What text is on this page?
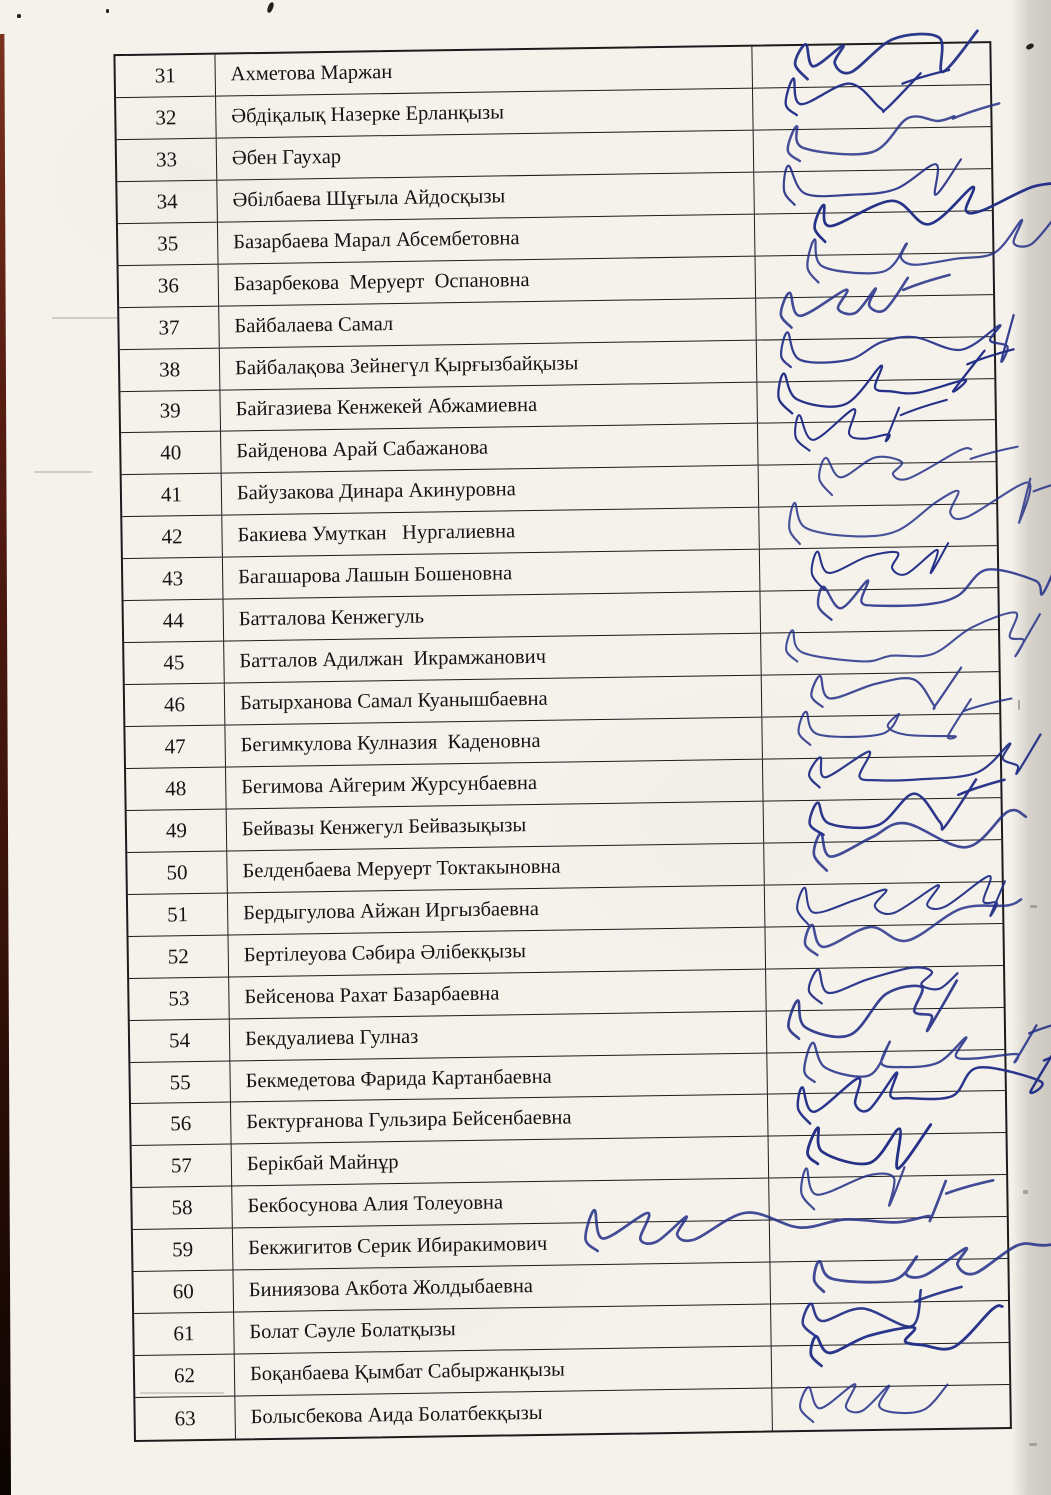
31	Ахметова Маржан
32	Әбдіқалық Назерке Ерланқызы
33	Әбен Гаухар
34	Әбілбаева Шұғыла Айдосқызы
35	Базарбаева Марал Абсембетовна
36	Базарбекова  Меруерт  Оспановна
37	Байбалаева Самал
38	Байбалақова Зейнегүл Қырғызбайқызы
39	Байгазиева Кенжекей Абжамиевна
40	Байденова Арай Сабажанова
41	Байузакова Динара Акинуровна
42	Бакиева Умуткан   Нургалиевна
43	Багашарова Лашын Бошеновна
44	Батталова Кенжегуль
45	Батталов Адилжан  Икрамжанович
46	Батырханова Самал Куанышбаевна
47	Бегимкулова Кулназия  Каденовна
48	Бегимова Айгерим Журсунбаевна
49	Бейвазы Кенжегул Бейвазықызы
50	Белденбаева Меруерт Токтакыновна
51	Бердыгулова Айжан Иргызбаевна
52	Бертілеуова Сәбира Әлібекқызы
53	Бейсенова Рахат Базарбаевна
54	Бекдуалиева Гулназ
55	Бекмедетова Фарида Картанбаевна
56	Бектурғанова Гульзира Бейсенбаевна
57	Берікбай Майнұр
58	Бекбосунова Алия Толеуовна
59	Бекжигитов Серик Ибиракимович
60	Биниязова Акбота Жолдыбаевна
61	Болат Сәуле Болатқызы
62	Боқанбаева Қымбат Сабыржанқызы
63	Болысбекова Аида Болатбекқызы
